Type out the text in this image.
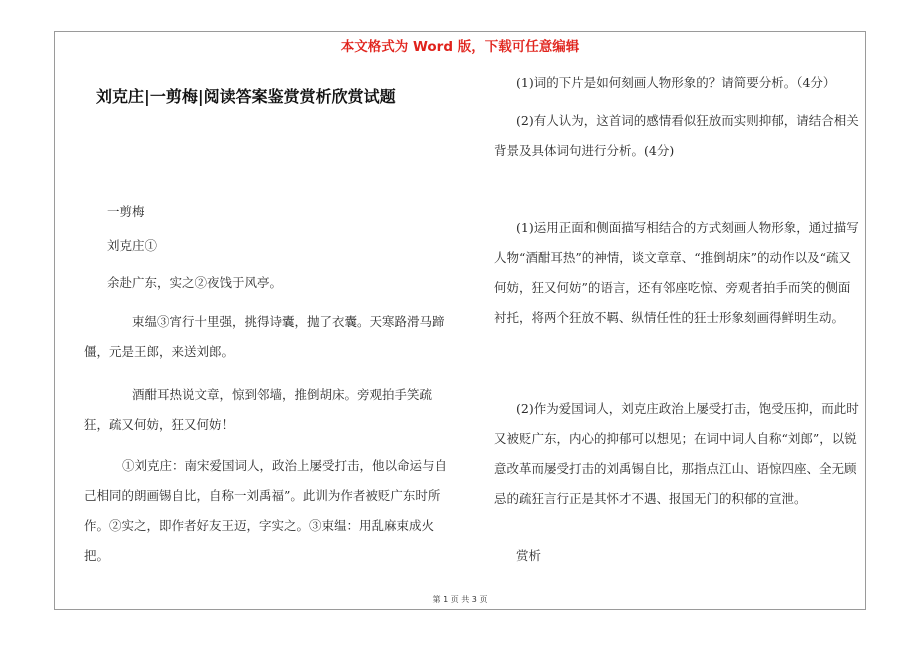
本文格式为 Word 版，下载可任意编辑
刘克庄|一剪梅|阅读答案鉴赏赏析欣赏试题
一剪梅
刘克庄①
余赴广东，实之②夜饯于风亭。
束缊③宵行十里强，挑得诗囊，抛了衣囊。天寒路滑马蹄僵，元是王郎，来送刘郎。
酒酣耳热说文章，惊到邻墙，推倒胡床。旁观拍手笑疏狂，疏又何妨，狂又何妨！
①刘克庄：南宋爱国词人，政治上屡受打击，他以命运与自己相同的朗画锡自比，自称一刘禹福”。此训为作者被贬广东时所作。②实之，即作者好友王迈，字实之。③束缊：用乱麻束成火把。
(1)词的下片是如何刻画人物形象的？请简要分析。（4分）
(2)有人认为，这首词的感情看似狂放而实则抑郁，请结合相关背景及具体词句进行分析。(4分)
(1)运用正面和侧面描写相结合的方式刻画人物形象，通过描写人物“酒酣耳热”的神情，谈文章章、“推倒胡床”的动作以及“疏又何妨，狂又何妨”的语言，还有邻座吃惊、旁观者拍手而笑的侧面衬托，将两个狂放不羁、纵情任性的狂士形象刻画得鲜明生动。
(2)作为爱国词人，刘克庄政治上屡受打击，饱受压抑，而此时又被贬广东，内心的抑郁可以想见；在词中词人自称“刘郎”，以锐意改革而屡受打击的刘禹锡自比，那指点江山、语惊四座、全无顾忌的疏狂言行正是其怀才不遇、报国无门的积郁的宣泄。
赏析
第 1 页 共 3 页
